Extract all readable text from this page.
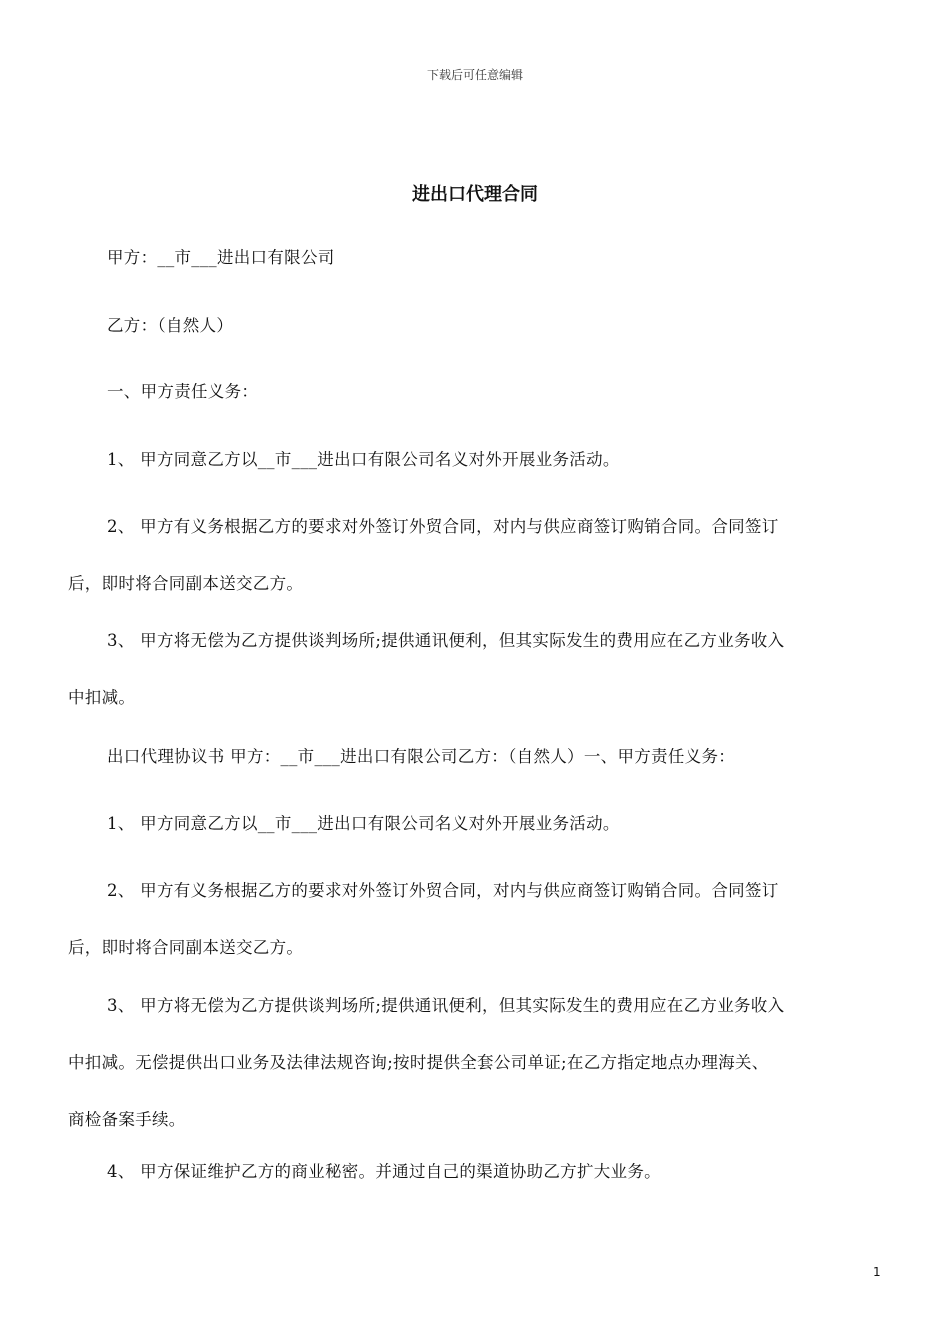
下载后可任意编辑
进出口代理合同
甲方：__市___进出口有限公司
乙方：（自然人）
一、甲方责任义务：
1、 甲方同意乙方以__市___进出口有限公司名义对外开展业务活动。
2、 甲方有义务根据乙方的要求对外签订外贸合同，对内与供应商签订购销合同。合同签订
后，即时将合同副本送交乙方。
3、 甲方将无偿为乙方提供谈判场所;提供通讯便利，但其实际发生的费用应在乙方业务收入
中扣减。
出口代理协议书 甲方：__市___进出口有限公司乙方：（自然人）一、甲方责任义务：
1、 甲方同意乙方以__市___进出口有限公司名义对外开展业务活动。
2、 甲方有义务根据乙方的要求对外签订外贸合同，对内与供应商签订购销合同。合同签订
后，即时将合同副本送交乙方。
3、 甲方将无偿为乙方提供谈判场所;提供通讯便利，但其实际发生的费用应在乙方业务收入
中扣减。无偿提供出口业务及法律法规咨询;按时提供全套公司单证;在乙方指定地点办理海关、
商检备案手续。
4、 甲方保证维护乙方的商业秘密。并通过自己的渠道协助乙方扩大业务。
1
